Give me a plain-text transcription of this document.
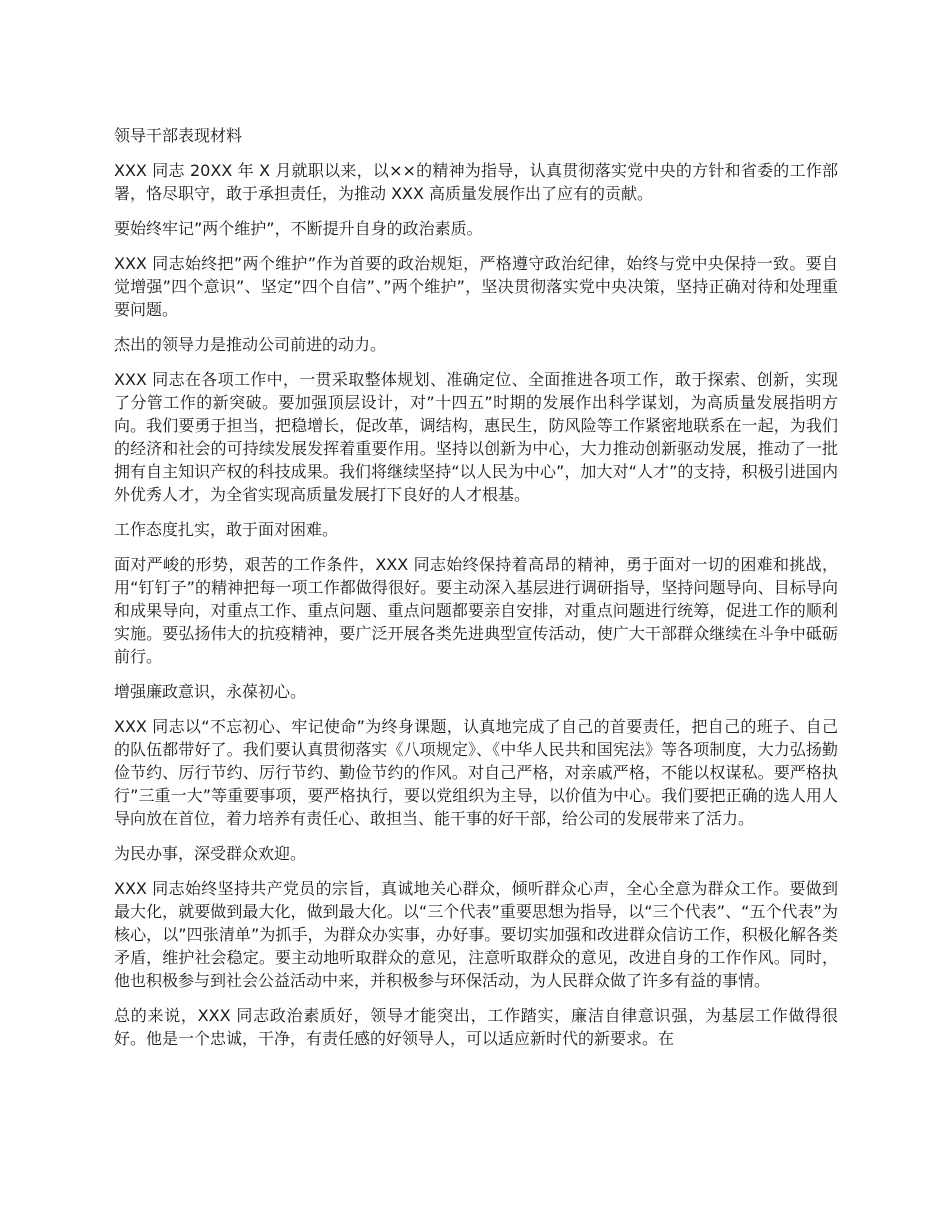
领导干部表现材料

XXX 同志 20XX 年 X 月就职以来，以××的精神为指导，认真贯彻落实党中央的方针和省委的工作部署，恪尽职守，敢于承担责任，为推动 XXX 高质量发展作出了应有的贡献。

要始终牢记”两个维护”，不断提升自身的政治素质。

XXX 同志始终把”两个维护”作为首要的政治规矩，严格遵守政治纪律，始终与党中央保持一致。要自觉增强”四个意识”、坚定”四个自信”、”两个维护”，坚决贯彻落实党中央决策，坚持正确对待和处理重要问题。

杰出的领导力是推动公司前进的动力。

XXX 同志在各项工作中，一贯采取整体规划、准确定位、全面推进各项工作，敢于探索、创新，实现了分管工作的新突破。要加强顶层设计，对”十四五”时期的发展作出科学谋划，为高质量发展指明方向。我们要勇于担当，把稳增长，促改革，调结构，惠民生，防风险等工作紧密地联系在一起，为我们的经济和社会的可持续发展发挥着重要作用。坚持以创新为中心，大力推动创新驱动发展，推动了一批拥有自主知识产权的科技成果。我们将继续坚持“以人民为中心”，加大对“人才”的支持，积极引进国内外优秀人才，为全省实现高质量发展打下良好的人才根基。

工作态度扎实，敢于面对困难。

面对严峻的形势，艰苦的工作条件，XXX 同志始终保持着高昂的精神，勇于面对一切的困难和挑战，用“钉钉子”的精神把每一项工作都做得很好。要主动深入基层进行调研指导，坚持问题导向、目标导向和成果导向，对重点工作、重点问题、重点问题都要亲自安排，对重点问题进行统筹，促进工作的顺利实施。要弘扬伟大的抗疫精神，要广泛开展各类先进典型宣传活动，使广大干部群众继续在斗争中砥砺前行。

增强廉政意识，永葆初心。

XXX 同志以“不忘初心、牢记使命”为终身课题，认真地完成了自己的首要责任，把自己的班子、自己的队伍都带好了。我们要认真贯彻落实《八项规定》、《中华人民共和国宪法》等各项制度，大力弘扬勤俭节约、厉行节约、厉行节约、勤俭节约的作风。对自己严格，对亲戚严格，不能以权谋私。要严格执行”三重一大”等重要事项，要严格执行，要以党组织为主导，以价值为中心。我们要把正确的选人用人导向放在首位，着力培养有责任心、敢担当、能干事的好干部，给公司的发展带来了活力。

为民办事，深受群众欢迎。

XXX 同志始终坚持共产党员的宗旨，真诚地关心群众，倾听群众心声，全心全意为群众工作。要做到最大化，就要做到最大化，做到最大化。以“三个代表”重要思想为指导，以“三个代表”、“五个代表”为核心，以”四张清单”为抓手，为群众办实事，办好事。要切实加强和改进群众信访工作，积极化解各类矛盾，维护社会稳定。要主动地听取群众的意见，注意听取群众的意见，改进自身的工作作风。同时，他也积极参与到社会公益活动中来，并积极参与环保活动，为人民群众做了许多有益的事情。

总的来说，XXX 同志政治素质好，领导才能突出，工作踏实，廉洁自律意识强，为基层工作做得很好。他是一个忠诚，干净，有责任感的好领导人，可以适应新时代的新要求。在
